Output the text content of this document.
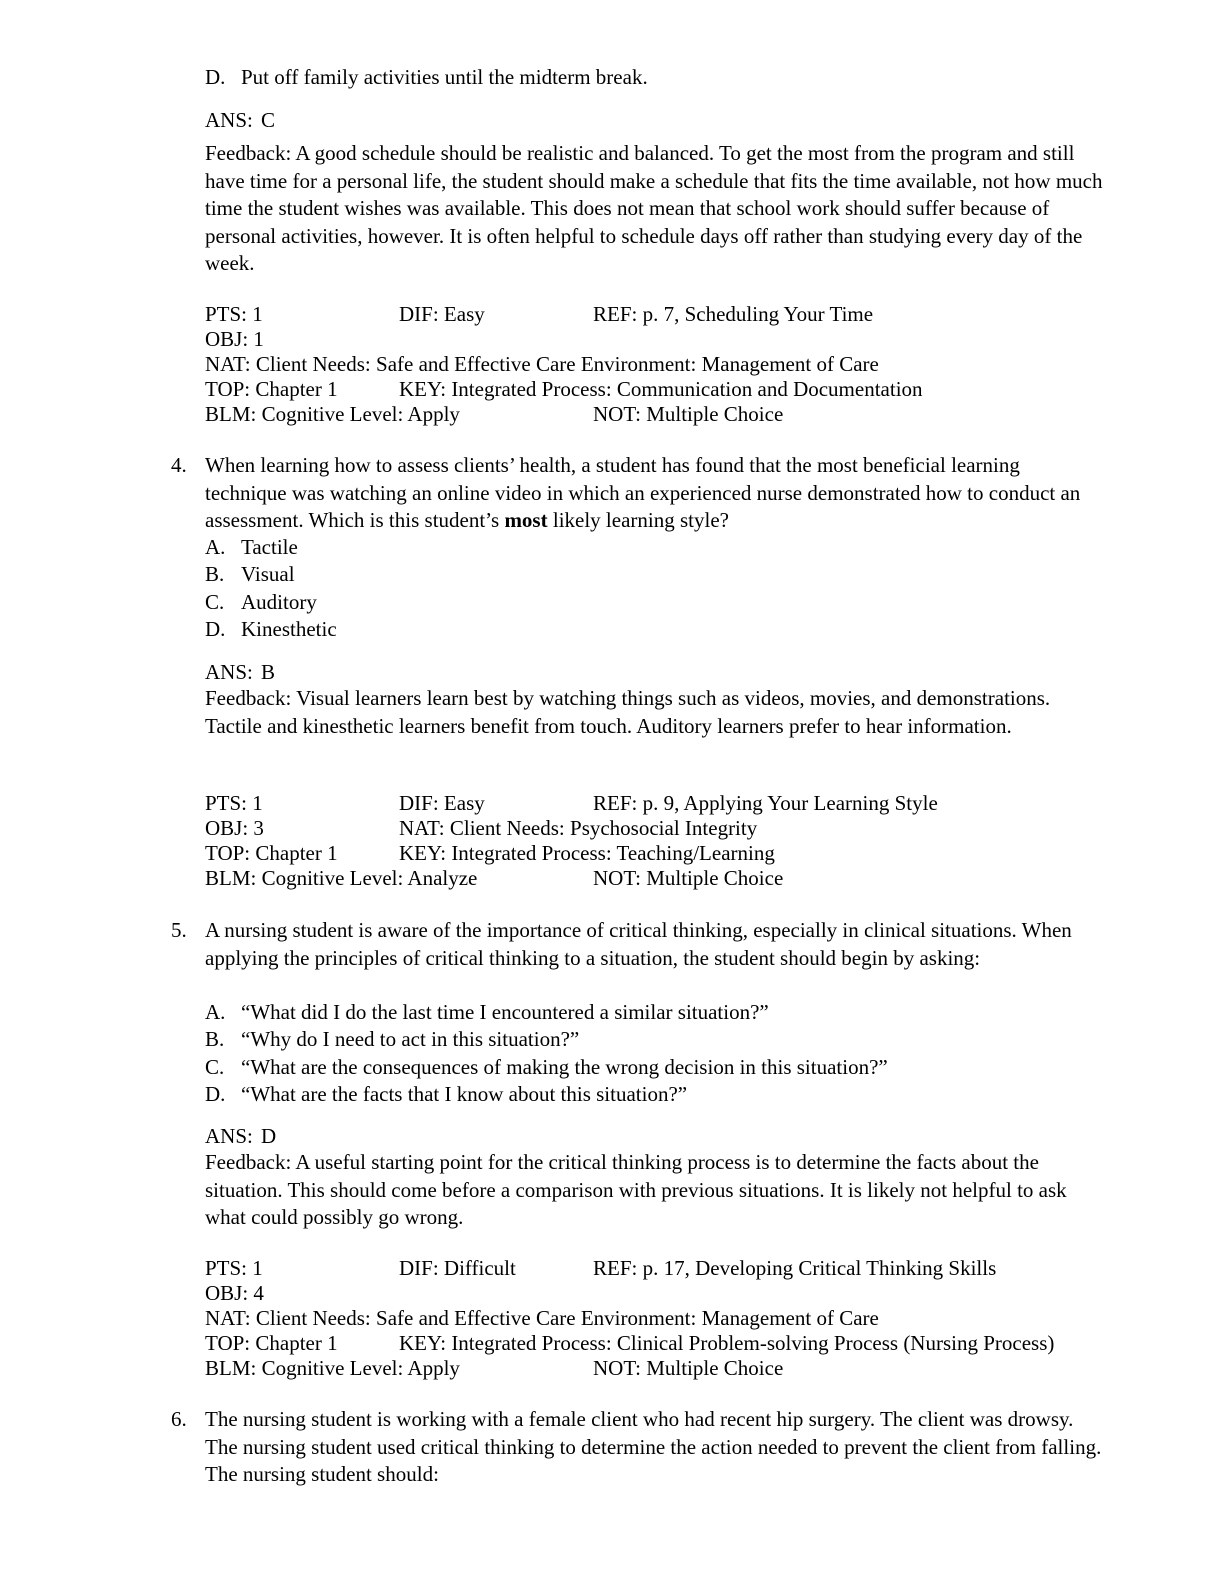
D. Put off family activities until the midterm break.
ANS: C

Feedback: A good schedule should be realistic and balanced. To get the most from the program and still have time for a personal life, the student should make a schedule that fits the time available, not how much time the student wishes was available. This does not mean that school work should suffer because of personal activities, however. It is often helpful to schedule days off rather than studying every day of the week.

PTS: 1	DIF: Easy	REF: p. 7, Scheduling Your Time
OBJ: 1
NAT: Client Needs: Safe and Effective Care Environment: Management of Care
TOP: Chapter 1	KEY: Integrated Process: Communication and Documentation
BLM: Cognitive Level: Apply	NOT: Multiple Choice
4. When learning how to assess clients’ health, a student has found that the most beneficial learning technique was watching an online video in which an experienced nurse demonstrated how to conduct an assessment. Which is this student’s most likely learning style?

A. Tactile
B. Visual
C. Auditory
D. Kinesthetic
ANS: B

Feedback: Visual learners learn best by watching things such as videos, movies, and demonstrations. Tactile and kinesthetic learners benefit from touch. Auditory learners prefer to hear information.

PTS: 1	DIF: Easy	REF: p. 9, Applying Your Learning Style
OBJ: 3	NAT: Client Needs: Psychosocial Integrity
TOP: Chapter 1	KEY: Integrated Process: Teaching/Learning
BLM: Cognitive Level: Analyze	NOT: Multiple Choice
5. A nursing student is aware of the importance of critical thinking, especially in clinical situations. When applying the principles of critical thinking to a situation, the student should begin by asking:

A. “What did I do the last time I encountered a similar situation?”
B. “Why do I need to act in this situation?”
C. “What are the consequences of making the wrong decision in this situation?”
D. “What are the facts that I know about this situation?”
ANS: D

Feedback: A useful starting point for the critical thinking process is to determine the facts about the situation. This should come before a comparison with previous situations. It is likely not helpful to ask what could possibly go wrong.

PTS: 1	DIF: Difficult	REF: p. 17, Developing Critical Thinking Skills
OBJ: 4
NAT: Client Needs: Safe and Effective Care Environment: Management of Care
TOP: Chapter 1	KEY: Integrated Process: Clinical Problem-solving Process (Nursing Process)
BLM: Cognitive Level: Apply	NOT: Multiple Choice
6. The nursing student is working with a female client who had recent hip surgery. The client was drowsy. The nursing student used critical thinking to determine the action needed to prevent the client from falling. The nursing student should:
